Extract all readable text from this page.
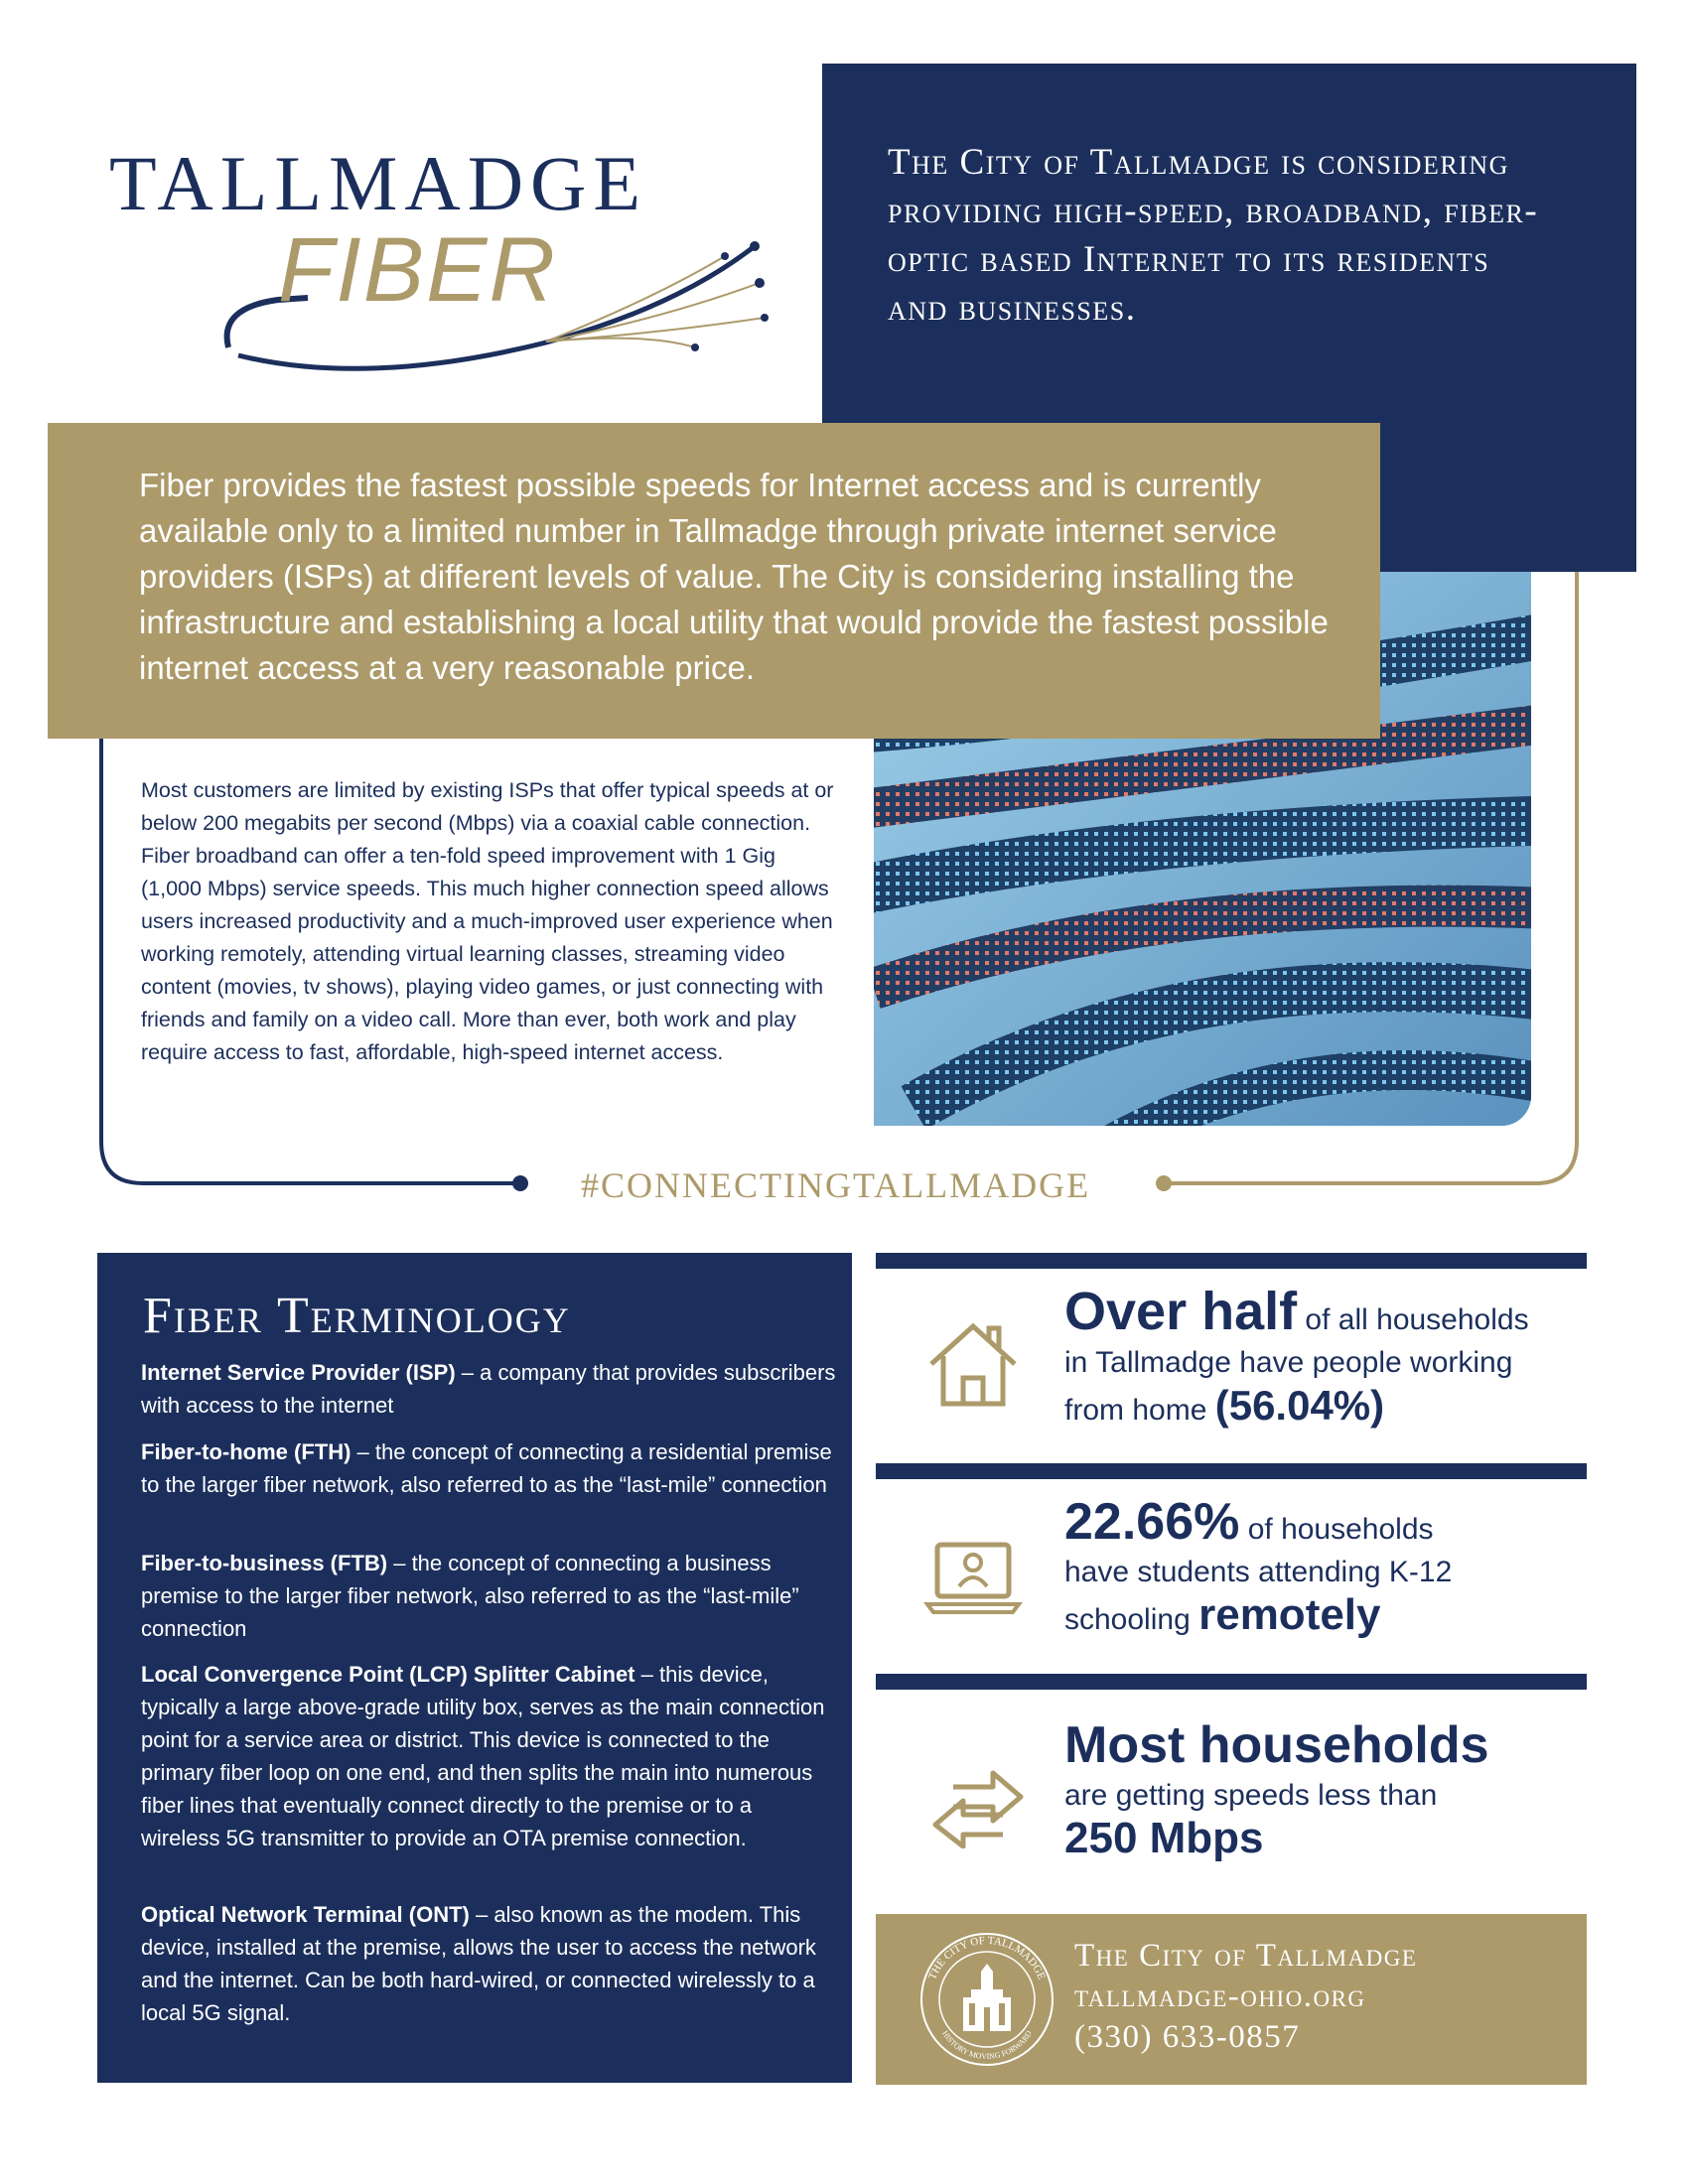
TALLMADGE
FIBER
The City of Tallmadge is considering providing high-speed, broadband, fiber-optic based Internet to its residents and businesses.
Fiber provides the fastest possible speeds for Internet access and is currently available only to a limited number in Tallmadge through private internet service providers (ISPs) at different levels of value. The City is considering installing the infrastructure and establishing a local utility that would provide the fastest possible internet access at a very reasonable price.
Most customers are limited by existing ISPs that offer typical speeds at or below 200 megabits per second (Mbps) via a coaxial cable connection. Fiber broadband can offer a ten-fold speed improvement with 1 Gig (1,000 Mbps) service speeds. This much higher connection speed allows users increased productivity and a much-improved user experience when working remotely, attending virtual learning classes, streaming video content (movies, tv shows), playing video games, or just connecting with friends and family on a video call. More than ever, both work and play require access to fast, affordable, high-speed internet access.
#CONNECTINGTALLMADGE
Fiber Terminology
Internet Service Provider (ISP) – a company that provides subscribers with access to the internet
Fiber-to-home (FTH) – the concept of connecting a residential premise to the larger fiber network, also referred to as the “last-mile” connection
Fiber-to-business (FTB) – the concept of connecting a business premise to the larger fiber network, also referred to as the “last-mile” connection
Local Convergence Point (LCP) Splitter Cabinet – this device, typically a large above-grade utility box, serves as the main connection point for a service area or district. This device is connected to the primary fiber loop on one end, and then splits the main into numerous fiber lines that eventually connect directly to the premise or to a wireless 5G transmitter to provide an OTA premise connection.
Optical Network Terminal (ONT) – also known as the modem. This device, installed at the premise, allows the user to access the network and the internet. Can be both hard-wired, or connected wirelessly to a local 5G signal.
Over half of all households
in Tallmadge have people working
from home (56.04%)
22.66% of households
have students attending K-12
schooling remotely
Most households
are getting speeds less than
250 Mbps
THE CITY OF TALLMADGE
HISTORY MOVING FORWARD
The City of Tallmadge
tallmadge-ohio.org
(330) 633-0857
